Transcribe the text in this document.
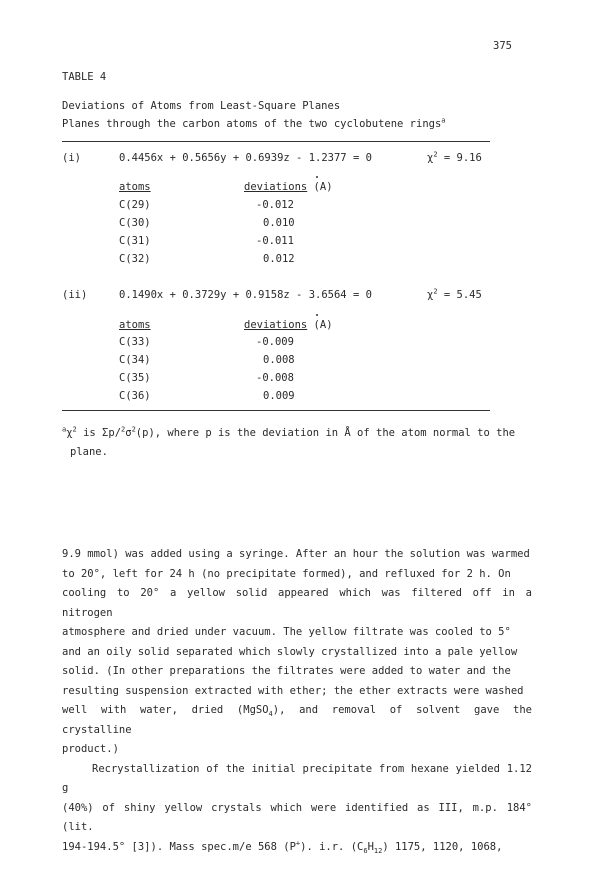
375
TABLE 4
Deviations of Atoms from Least-Square Planes
Planes through the carbon atoms of the two cyclobutene rings$^a$
(i)	0.4456x + 0.5656y + 0.6939z - 1.2377 = 0	$\chi^2 = 9.16$
atoms	deviations (A)
C(29)	-0.012
C(30)	0.010
C(31)	-0.011
C(32)	0.012
(ii)	0.1490x + 0.3729y + 0.9158z - 3.6564 = 0	$\chi^2 = 5.45$
atoms	deviations (A)
C(33)	-0.009
C(34)	0.008
C(35)	-0.008
C(36)	0.009
$^a\chi^2$ is $\Sigma p/^2\sigma^2(p)$, where p is the deviation in Å of the atom normal to the
plane.

9.9 mmol) was added using a syringe. After an hour the solution was warmed

to 20°, left for 24 h (no precipitate formed), and refluxed for 2 h. On

cooling to 20° a yellow solid appeared which was filtered off in a nitrogen

atmosphere and dried under vacuum. The yellow filtrate was cooled to 5°

and an oily solid separated which slowly crystallized into a pale yellow

solid. (In other preparations the filtrates were added to water and the

resulting suspension extracted with ether; the ether extracts were washed

well with water, dried (MgSO$_4$), and removal of solvent gave the crystalline

product.)

Recrystallization of the initial precipitate from hexane yielded 1.12 g

(40%) of shiny yellow crystals which were identified as III, m.p. 184° (lit.

194-194.5° [3]). Mass spec.m/e 568 (P+). i.r. $(C_6H_{12})$ 1175, 1120, 1068,
